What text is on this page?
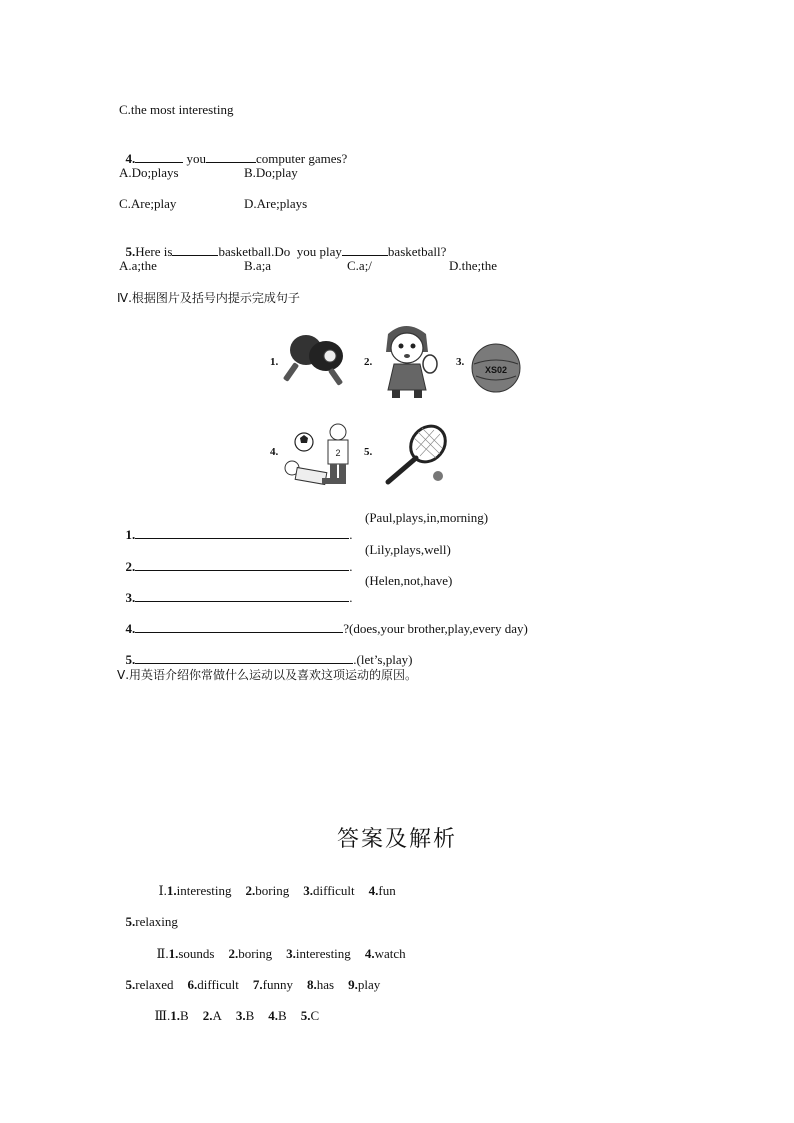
C.the most interesting

4.	you	computer games?

A.Do;plays	B.Do;play
C.Are;play	D.Are;plays

5.Here is	basketball.Do  you play	basketball?

A.a;the	B.a;a	C.a;/	D.the;the
Ⅳ.根据图片及括号内提示完成句子
1.	2.	3.
XS02
4.	2 5.

1.	.

(Paul,plays,in,morning)

2.	.

(Lily,plays,well)

3.	.

(Helen,not,have)

4.	?(does,your brother,play,every day)

5.	.(let’s,play)

Ⅴ.用英语介绍你常做什么运动以及喜欢这项运动的原因。
答案及解析

Ⅰ.1.interesting 2.boring 3.difficult 4.fun

5.relaxing

Ⅱ.1.sounds 2.boring 3.interesting 4.watch

5.relaxed 6.difficult 7.funny 8.has 9.play

Ⅲ.1.B 2.A 3.B 4.B 5.C
